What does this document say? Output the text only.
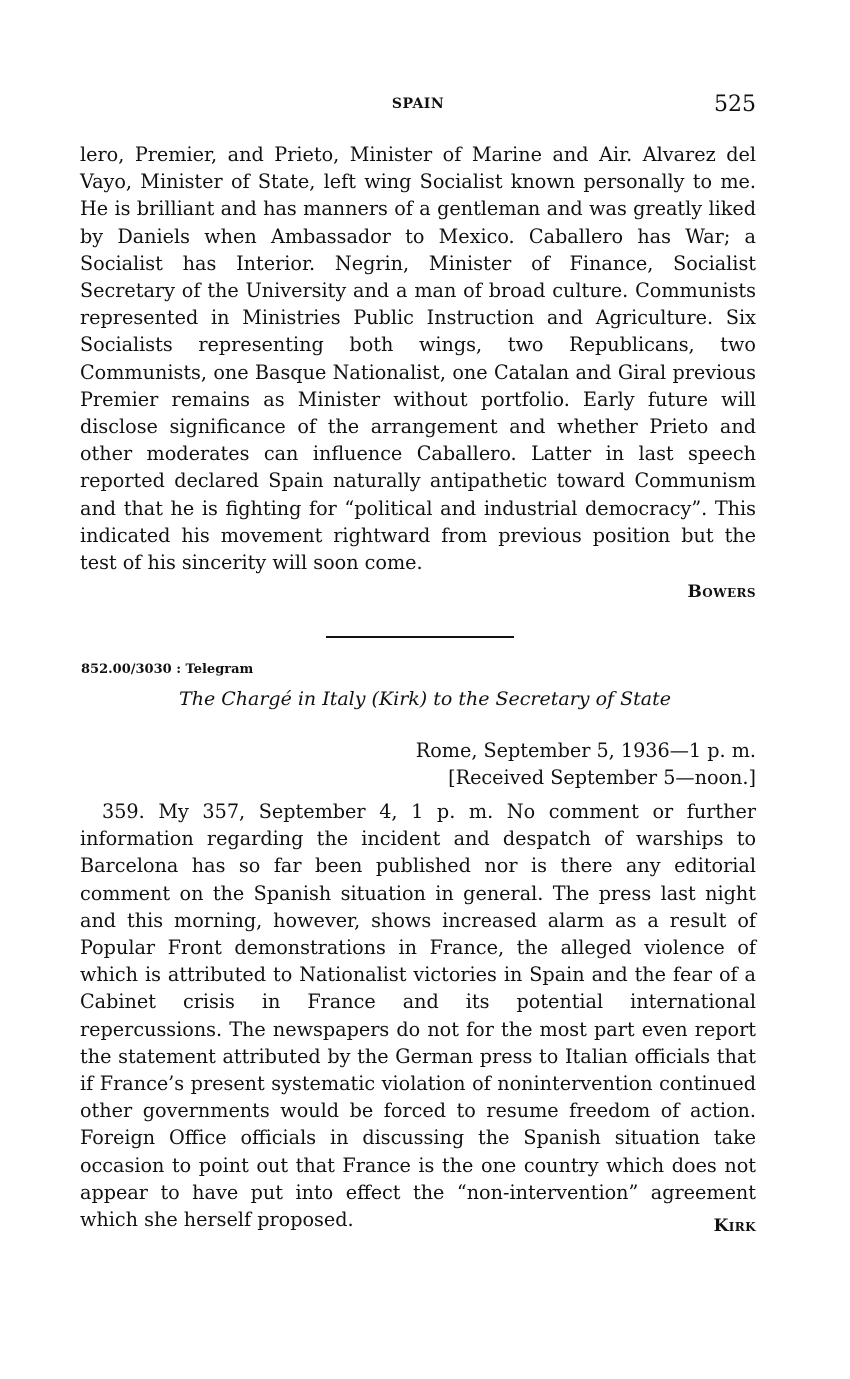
SPAIN	525

lero, Premier, and Prieto, Minister of Marine and Air. Alvarez del Vayo, Minister of State, left wing Socialist known personally to me. He is brilliant and has manners of a gentleman and was greatly liked by Daniels when Ambassador to Mexico. Caballero has War; a Socialist has Interior. Negrin, Minister of Finance, Socialist Secretary of the University and a man of broad culture. Communists represented in Ministries Public Instruction and Agriculture. Six Socialists representing both wings, two Republicans, two Communists, one Basque Nationalist, one Catalan and Giral previous Premier remains as Minister without portfolio. Early future will disclose significance of the arrangement and whether Prieto and other moderates can influence Caballero. Latter in last speech reported declared Spain naturally antipathetic toward Communism and that he is fighting for “political and industrial democracy”. This indicated his movement rightward from previous position but the test of his sincerity will soon come.

Bowers
852.00/3030 : Telegram
The Chargé in Italy (Kirk) to the Secretary of State
Rome, September 5, 1936—1 p. m.
[Received September 5—noon.]

359. My 357, September 4, 1 p. m. No comment or further information regarding the incident and despatch of warships to Barcelona has so far been published nor is there any editorial comment on the Spanish situation in general. The press last night and this morning, however, shows increased alarm as a result of Popular Front demonstrations in France, the alleged violence of which is attributed to Nationalist victories in Spain and the fear of a Cabinet crisis in France and its potential international repercussions. The newspapers do not for the most part even report the statement attributed by the German press to Italian officials that if France’s present systematic violation of nonintervention continued other governments would be forced to resume freedom of action. Foreign Office officials in discussing the Spanish situation take occasion to point out that France is the one country which does not appear to have put into effect the “non-intervention” agreement which she herself proposed.	Kirk
